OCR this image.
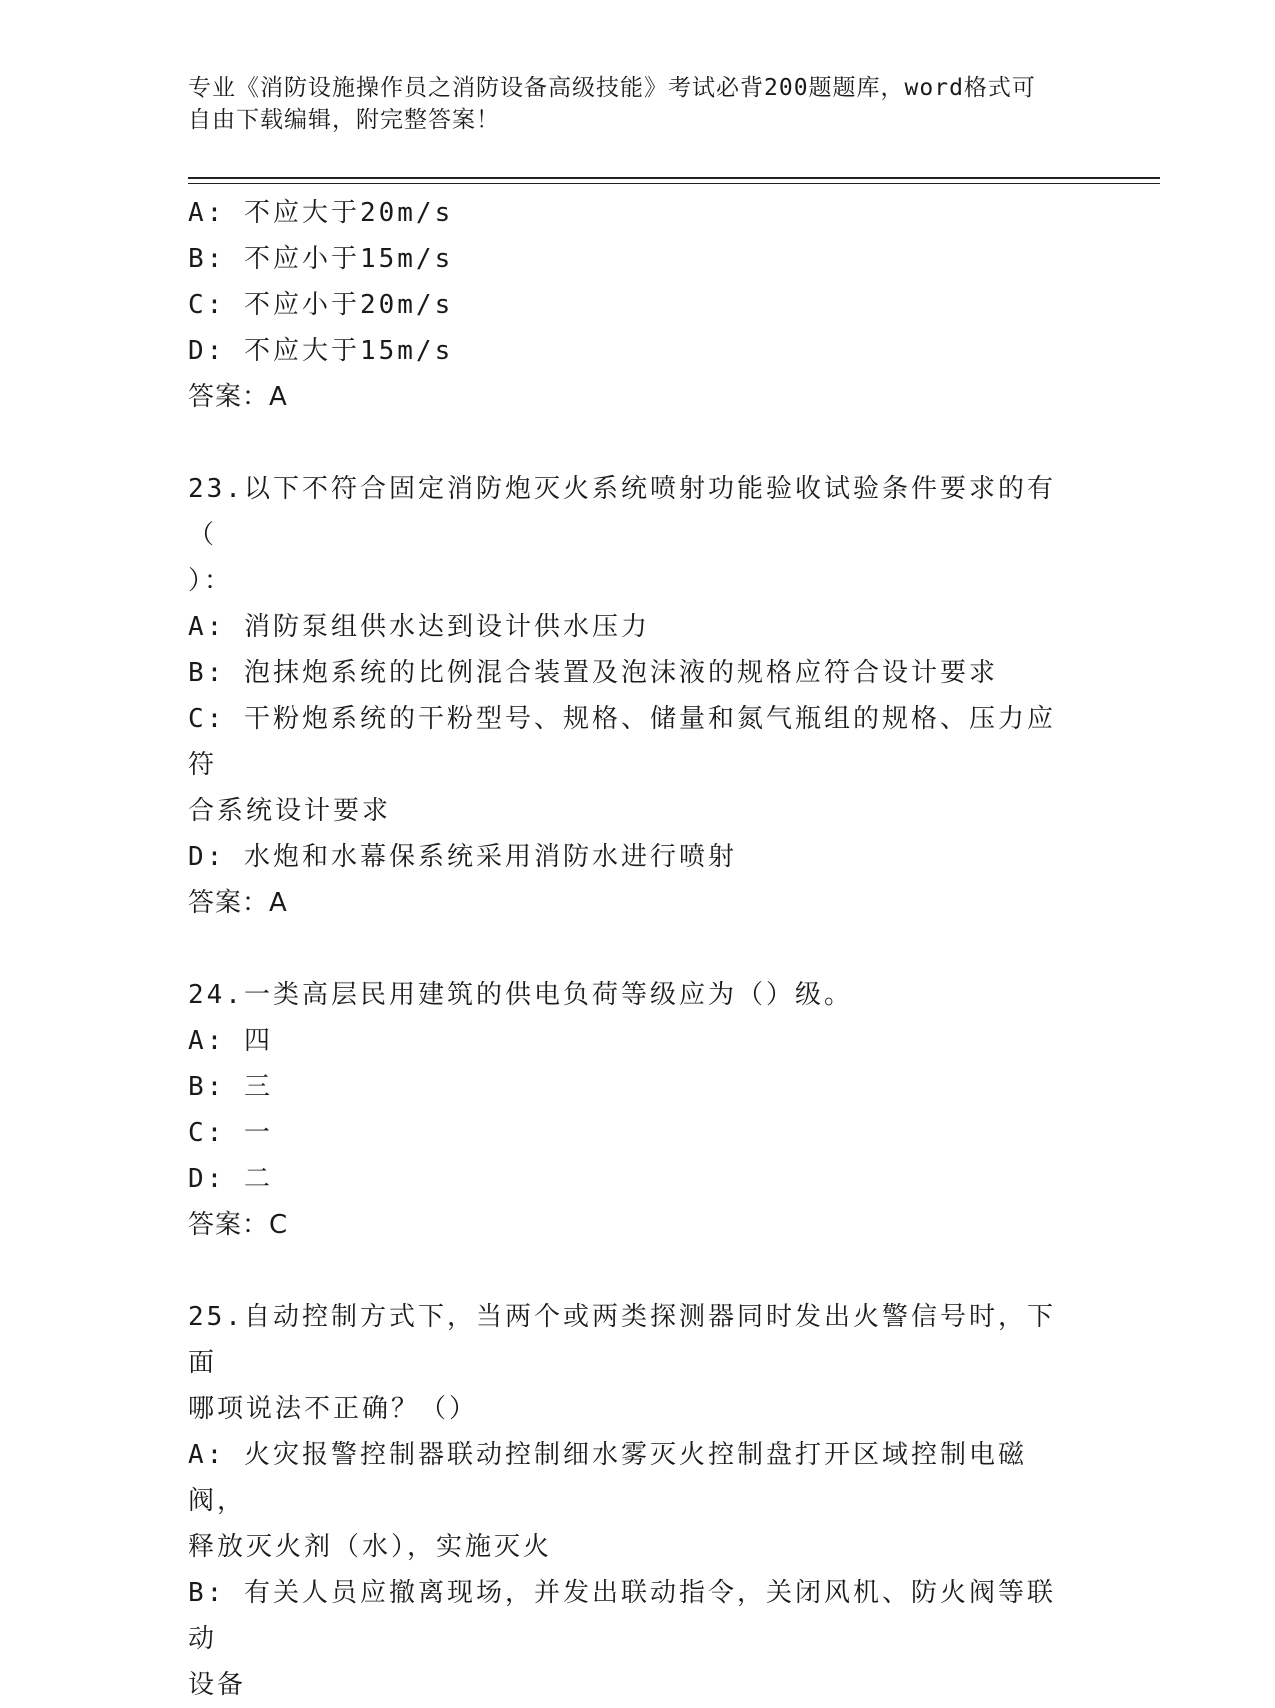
专业《消防设施操作员之消防设备高级技能》考试必背200题题库，word格式可
自由下载编辑，附完整答案！
A: 不应大于20m/s
B: 不应小于15m/s
C: 不应小于20m/s
D: 不应大于15m/s
答案：A
23.以下不符合固定消防炮灭火系统喷射功能验收试验条件要求的有（
）：
A: 消防泵组供水达到设计供水压力
B: 泡抹炮系统的比例混合装置及泡沫液的规格应符合设计要求
C: 干粉炮系统的干粉型号、规格、储量和氮气瓶组的规格、压力应符
合系统设计要求
D: 水炮和水幕保系统采用消防水进行喷射
答案：A
24.一类高层民用建筑的供电负荷等级应为（）级。
A: 四
B: 三
C: 一
D: 二
答案：C
25.自动控制方式下，当两个或两类探测器同时发出火警信号时，下面
哪项说法不正确？（）
A: 火灾报警控制器联动控制细水雾灭火控制盘打开区域控制电磁阀，
释放灭火剂（水），实施灭火
B: 有关人员应撤离现场，并发出联动指令，关闭风机、防火阀等联动
设备
